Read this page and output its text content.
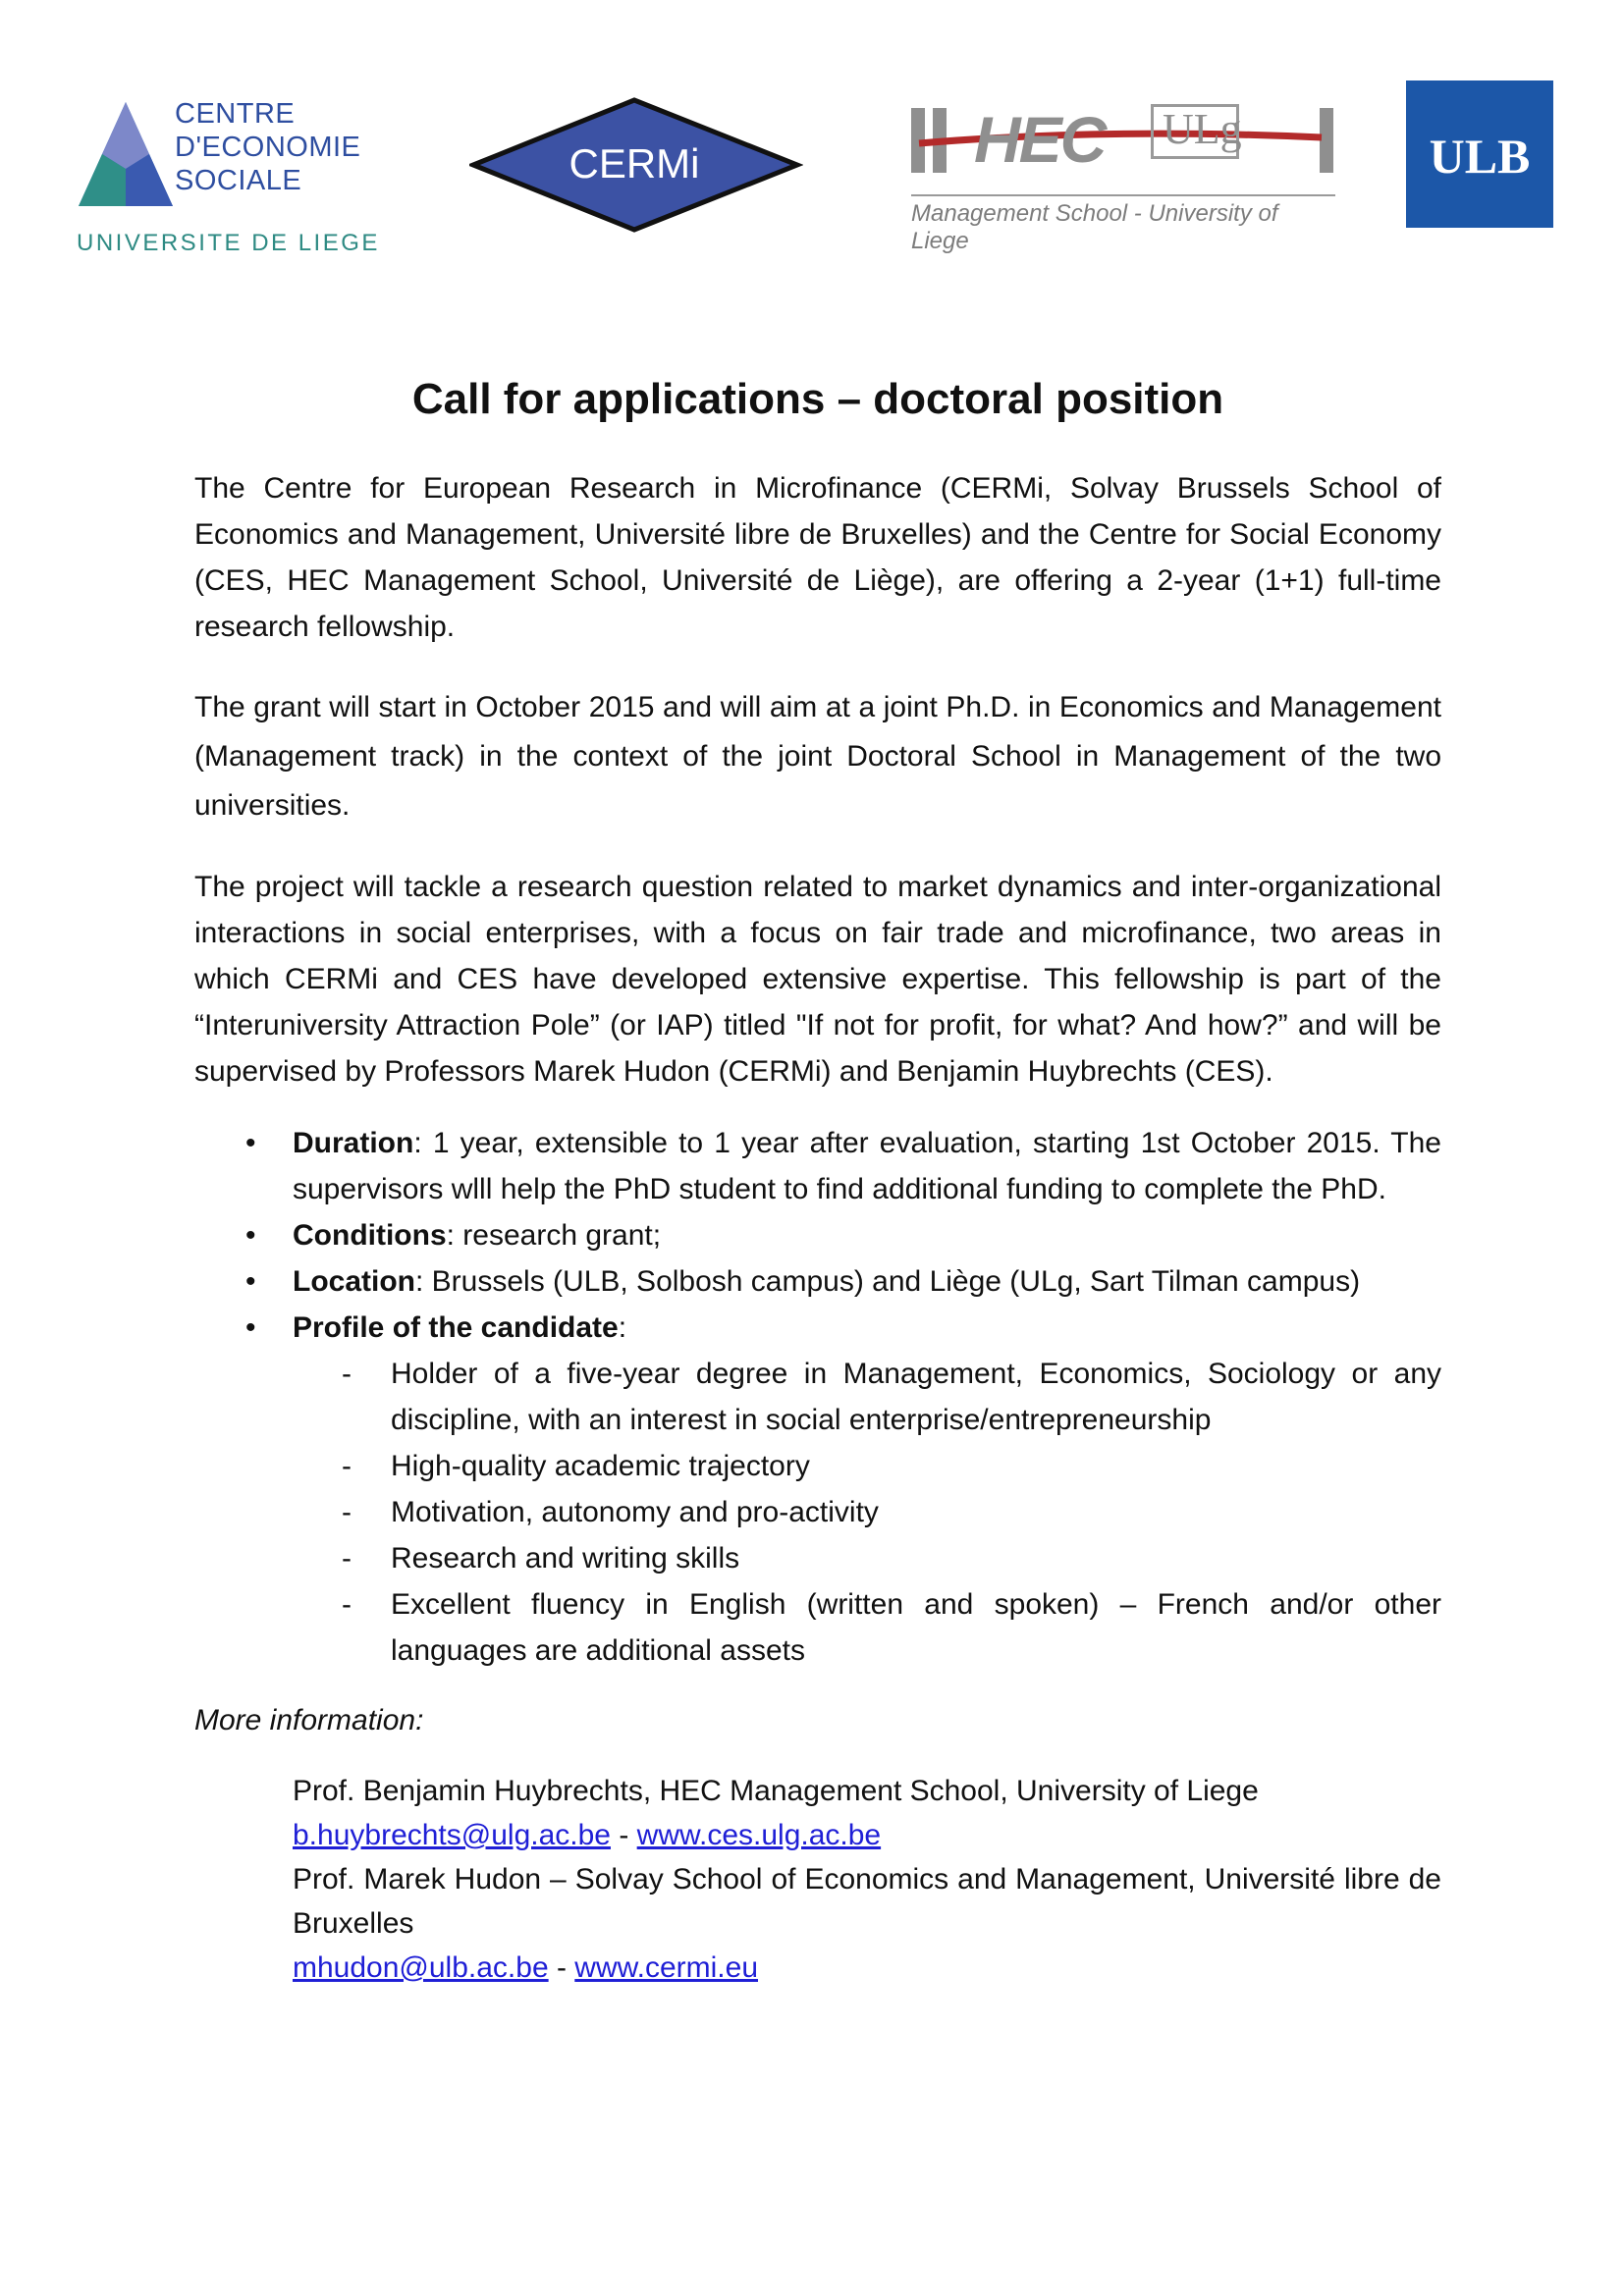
CENTRE
D'ECONOMIE
SOCIALE
UNIVERSITE DE LIEGE
CERMi	HEC ULg
Management School - University of Liege
ULB
Call for applications – doctoral position

The Centre for European Research in Microfinance (CERMi, Solvay Brussels School of Economics and Management, Université libre de Bruxelles) and the Centre for Social Economy (CES, HEC Management School, Université de Liège), are offering a 2-year (1+1) full-time research fellowship.

The grant will start in October 2015 and will aim at a joint Ph.D. in Economics and Management (Management track) in the context of the joint Doctoral School in Management of the two universities.

The project will tackle a research question related to market dynamics and inter-organizational interactions in social enterprises, with a focus on fair trade and microfinance, two areas in which CERMi and CES have developed extensive expertise. This fellowship is part of the “Interuniversity Attraction Pole” (or IAP) titled "If not for profit, for what? And how?” and will be supervised by Professors Marek Hudon (CERMi) and Benjamin Huybrechts (CES).

• Duration: 1 year, extensible to 1 year after evaluation, starting 1st October 2015. The supervisors wlll help the PhD student to find additional funding to complete the PhD.
• Conditions: research grant;
• Location: Brussels (ULB, Solbosh campus) and Liège (ULg, Sart Tilman campus)
• Profile of the candidate:
- Holder of a five-year degree in Management, Economics, Sociology or any discipline, with an interest in social enterprise/entrepreneurship
- High-quality academic trajectory
- Motivation, autonomy and pro-activity
- Research and writing skills
- Excellent fluency in English (written and spoken) – French and/or other languages are additional assets

More information:

Prof. Benjamin Huybrechts, HEC Management School, University of Liege
b.huybrechts@ulg.ac.be - www.ces.ulg.ac.be
Prof. Marek Hudon – Solvay School of Economics and Management, Université libre de Bruxelles
mhudon@ulb.ac.be - www.cermi.eu
